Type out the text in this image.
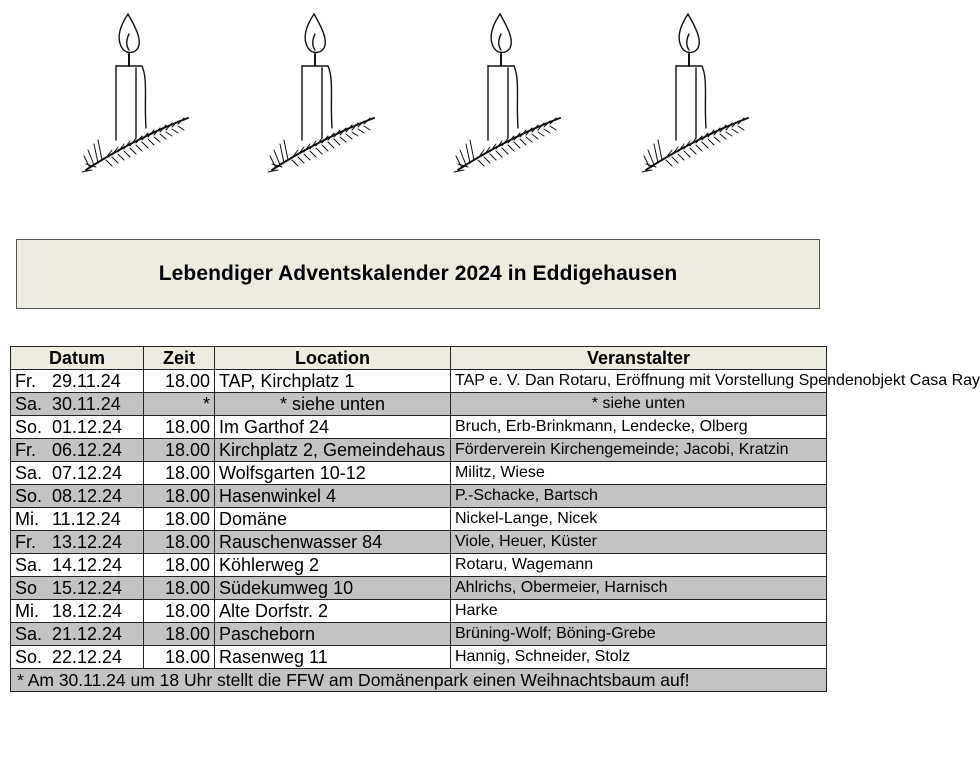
Lebendiger Adventskalender 2024 in Eddigehausen
Datum	Zeit	Location	Veranstalter
Fr. 29.11.24	18.00	TAP, Kirchplatz 1	TAP e. V. Dan Rotaru, Eröffnung mit Vorstellung Spendenobjekt Casa Ray
Sa. 30.11.24	*	* siehe unten	* siehe unten
So. 01.12.24	18.00	Im Garthof 24	Bruch, Erb-Brinkmann, Lendecke, Olberg
Fr. 06.12.24	18.00	Kirchplatz 2, Gemeindehaus	Förderverein Kirchengemeinde; Jacobi, Kratzin
Sa. 07.12.24	18.00	Wolfsgarten 10-12	Militz, Wiese
So. 08.12.24	18.00	Hasenwinkel 4	P.-Schacke, Bartsch
Mi. 11.12.24	18.00	Domäne	Nickel-Lange, Nicek
Fr. 13.12.24	18.00	Rauschenwasser 84	Viole, Heuer, Küster
Sa. 14.12.24	18.00	Köhlerweg 2	Rotaru, Wagemann
So 15.12.24	18.00	Südekumweg 10	Ahlrichs, Obermeier, Harnisch
Mi. 18.12.24	18.00	Alte Dorfstr. 2	Harke
Sa. 21.12.24	18.00	Pascheborn	Brüning-Wolf; Böning-Grebe
So. 22.12.24	18.00	Rasenweg 11	Hannig, Schneider, Stolz
* Am 30.11.24 um 18 Uhr stellt die FFW am Domänenpark einen Weihnachtsbaum auf!			
